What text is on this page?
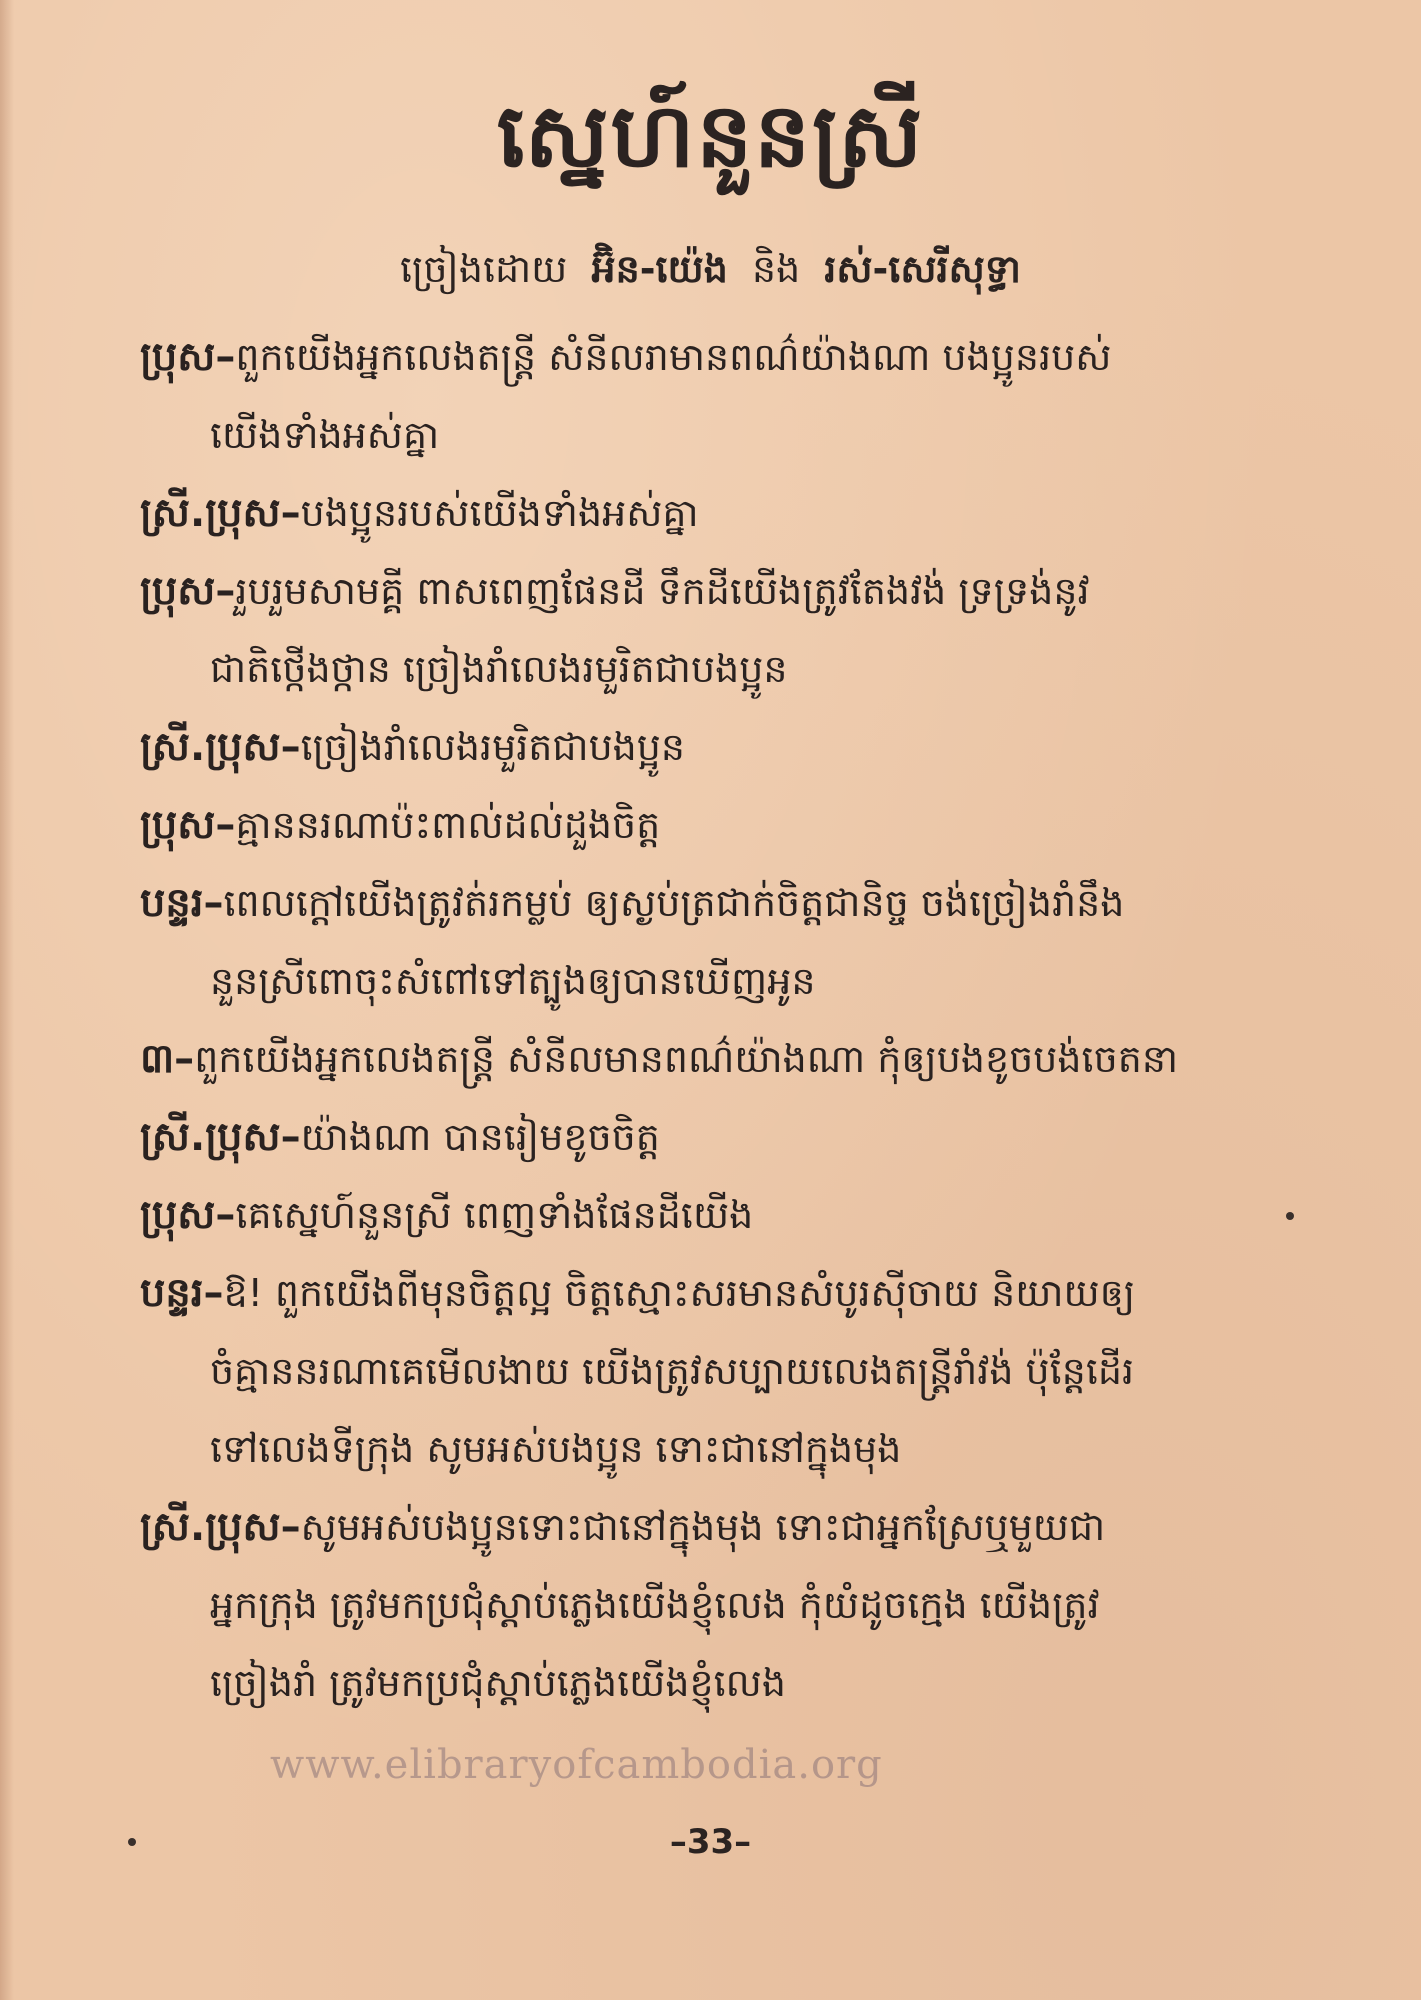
ស្នេហ៍នួនស្រី
ច្រៀងដោយ អ៊ិន-យ៉េង និង រស់-សេរីសុទ្ធា
ប្រុស–ពួកយើងអ្នកលេងតន្ត្រី សំនីលរាមានពណ៌យ៉ាងណា បងប្អូនរបស់
យើងទាំងអស់គ្នា
ស្រី.ប្រុស–បងប្អូនរបស់យើងទាំងអស់គ្នា
ប្រុស–រួបរួមសាមគ្គី ពាសពេញផែនដី ទឹកដីយើងត្រូវតែងវង់ ទ្រទ្រង់នូវ
ជាតិថ្កើងថ្កាន ច្រៀងរាំលេងរមួរិតជាបងប្អូន
ស្រី.ប្រុស–ច្រៀងរាំលេងរមួរិតជាបងប្អូន
ប្រុស–គ្មាននរណាប៉ះពាល់ដល់ដួងចិត្ត
បន្ទរ–ពេលក្តៅយើងត្រូវត់រកម្លប់ ឲ្យស្ងប់ត្រជាក់ចិត្តជានិច្ច ចង់ច្រៀងរាំនឹង
នួនស្រីពោចុះសំពៅទៅត្បូងឲ្យបានឃើញអូន
៣–ពួកយើងអ្នកលេងតន្ត្រី សំនីលមានពណ៌យ៉ាងណា កុំឲ្យបងខូចបង់ចេតនា
ស្រី.ប្រុស–យ៉ាងណា បានរៀមខូចចិត្ត
ប្រុស–គេស្នេហ៍នួនស្រី ពេញទាំងផែនដីយើង
បន្ទរ–ឱ! ពួកយើងពីមុនចិត្តល្អ ចិត្តស្មោះសរមានសំបូរស៊ីចាយ និយាយឲ្យ
ចំគ្មាននរណាគេមើលងាយ យើងត្រូវសប្បាយលេងតន្ត្រីរាំវង់ ប៉ុន្តែដើរ
ទៅលេងទីក្រុង សូមអស់បងប្អូន ទោះជានៅក្នុងមុង
ស្រី.ប្រុស–សូមអស់បងប្អូនទោះជានៅក្នុងមុង ទោះជាអ្នកស្រែឬមួយជា
អ្នកក្រុង ត្រូវមកប្រជុំស្តាប់ភ្លេងយើងខ្ញុំលេង កុំយំដូចក្មេង យើងត្រូវ
ច្រៀងរាំ ត្រូវមកប្រជុំស្តាប់ភ្លេងយើងខ្ញុំលេង
www.elibraryofcambodia.org
–33–
